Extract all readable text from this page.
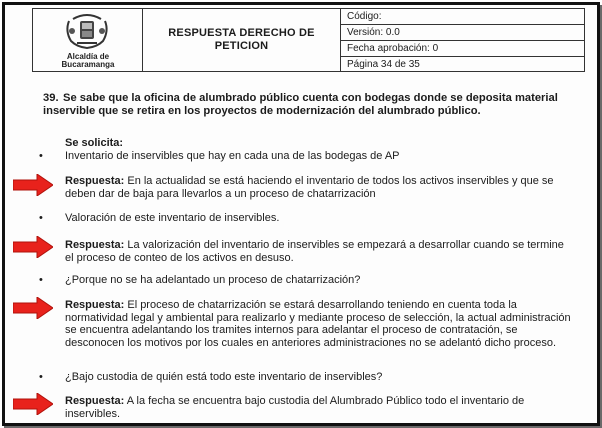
Alcaldía de
Bucaramanga
RESPUESTA DERECHO DE PETICION
Código:
Versión: 0.0
Fecha aprobación: 0
Página 34 de 35
39. Se sabe que la oficina de alumbrado público cuenta con bodegas donde se deposita material inservible que se retira en los proyectos de modernización del alumbrado público.
Se solicita:
• Inventario de inservibles que hay en cada una de las bodegas de AP
Respuesta: En la actualidad se está haciendo el inventario de todos los activos inservibles y que se deben dar de baja para llevarlos a un proceso de chatarrización
• Valoración de este inventario de inservibles.
Respuesta: La valorización del inventario de inservibles se empezará a desarrollar cuando se termine el proceso de conteo de los activos en desuso.
• ¿Porque no se ha adelantado un proceso de chatarrización?
Respuesta: El proceso de chatarrización se estará desarrollando teniendo en cuenta toda la normatividad legal y ambiental para realizarlo y mediante proceso de selección, la actual administración se encuentra adelantando los tramites internos para adelantar el proceso de contratación, se desconocen los motivos por los cuales en anteriores administraciones no se adelantó dicho proceso.
• ¿Bajo custodia de quién está todo este inventario de inservibles?
Respuesta: A la fecha se encuentra bajo custodia del Alumbrado Público todo el inventario de inservibles.
